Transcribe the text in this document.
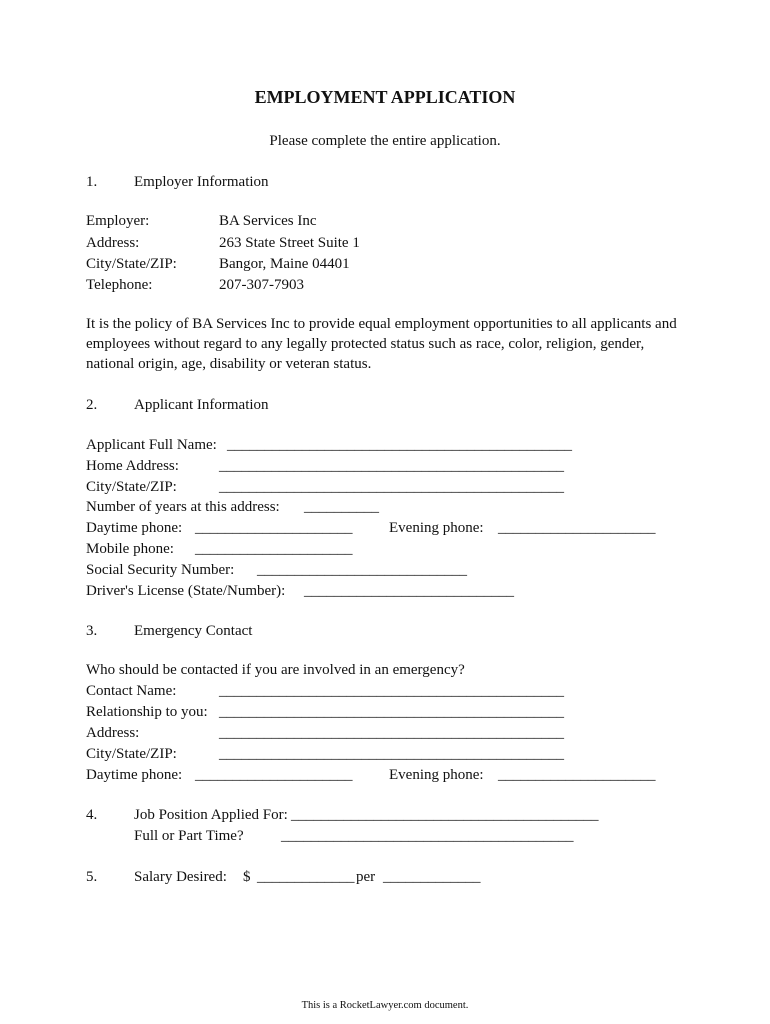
EMPLOYMENT APPLICATION
Please complete the entire application.
1. Employer Information
Employer:	BA Services Inc
Address:	263 State Street Suite 1
City/State/ZIP:	Bangor, Maine 04401
Telephone:	207-307-7903
It is the policy of BA Services Inc to provide equal employment opportunities to all applicants and employees without regard to any legally protected status such as race, color, religion, gender, national origin, age, disability or veteran status.
2. Applicant Information
Applicant Full Name: ______________________________________________
Home Address:	______________________________________________
City/State/ZIP:	______________________________________________
Number of years at this address: __________
Daytime phone: _____________________ Evening phone: _____________________
Mobile phone: _____________________
Social Security Number: ____________________________
Driver's License (State/Number): ____________________________
3. Emergency Contact
Who should be contacted if you are involved in an emergency?
Contact Name:	______________________________________________
Relationship to you: ______________________________________________
Address:	______________________________________________
City/State/ZIP:	______________________________________________
Daytime phone: _____________________ Evening phone: _____________________
4. Job Position Applied For: _________________________________________
Full or Part Time? _______________________________________
5. Salary Desired: $ _____________ per _____________
This is a RocketLawyer.com document.
